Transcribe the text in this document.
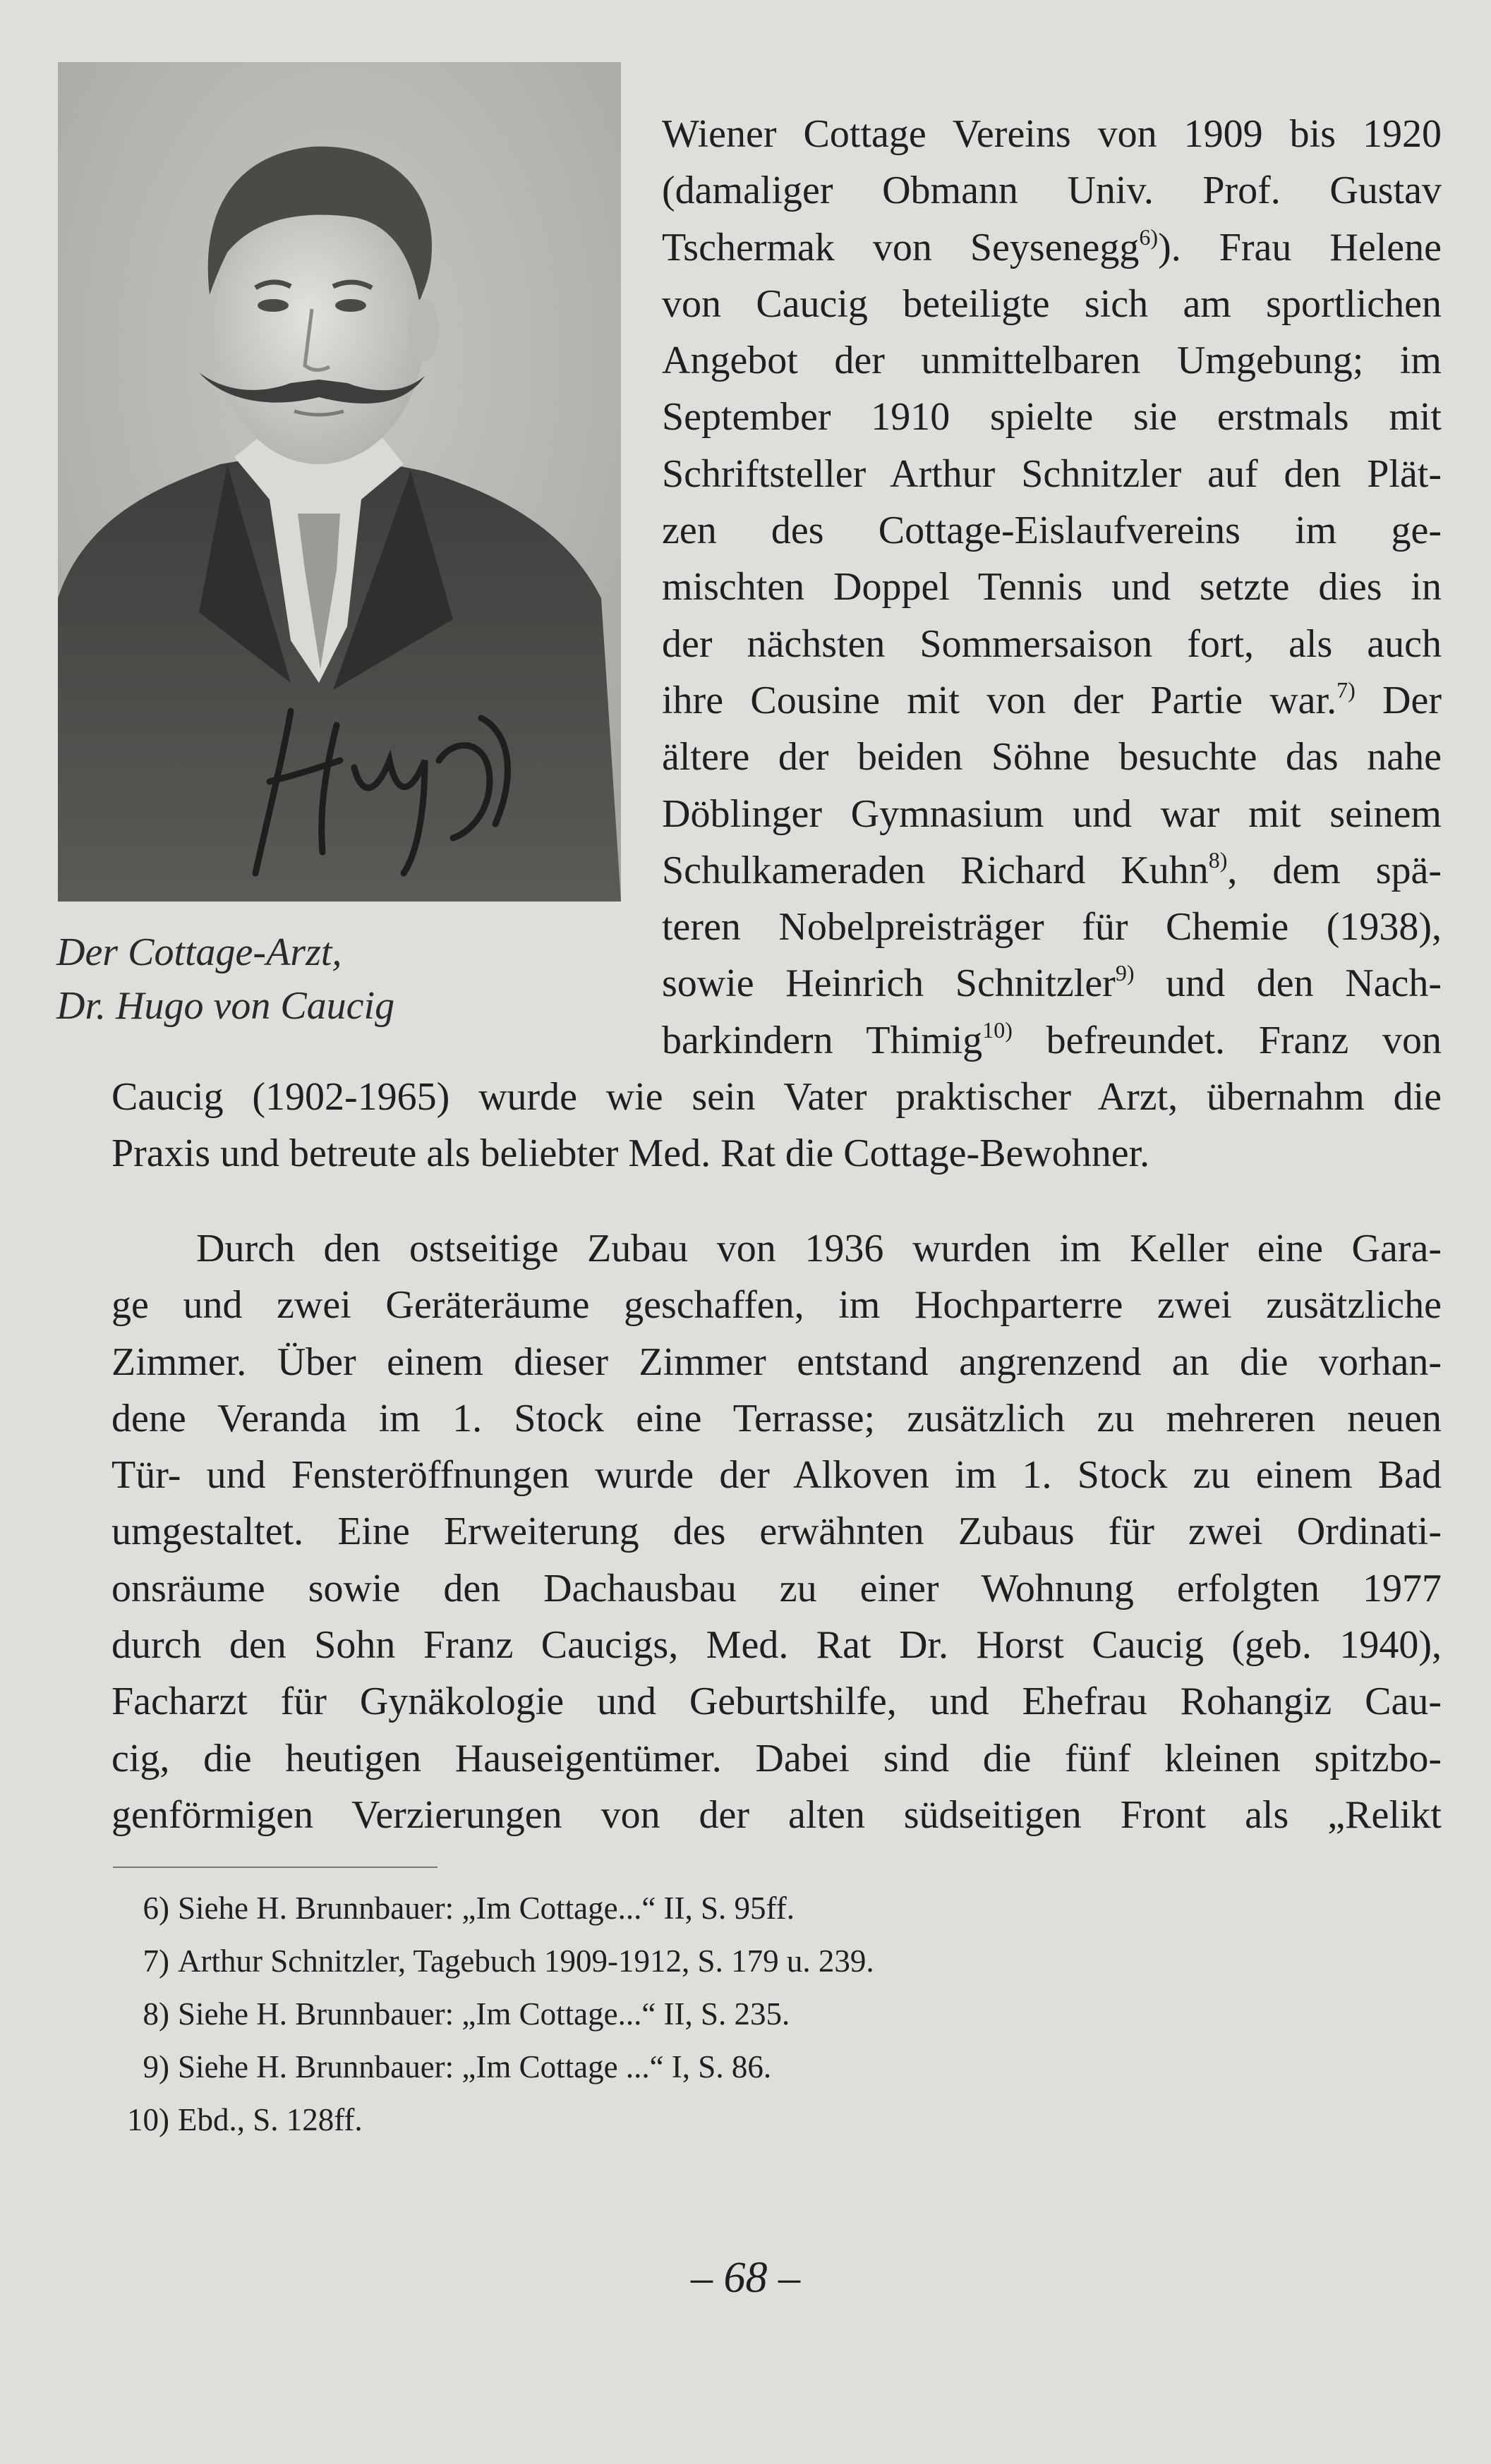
Der Cottage-Arzt,
Dr. Hugo von Caucig
Wiener Cottage Vereins von 1909 bis 1920
(damaliger Obmann Univ. Prof. Gustav
Tschermak von Seysenegg$^{6)}$). Frau Helene
von Caucig beteiligte sich am sportlichen
Angebot der unmittelbaren Umgebung; im
September 1910 spielte sie erstmals mit
Schriftsteller Arthur Schnitzler auf den Plät-
zen des Cottage-Eislaufvereins im ge-
mischten Doppel Tennis und setzte dies in
der nächsten Sommersaison fort, als auch
ihre Cousine mit von der Partie war.$^{7)}$ Der
ältere der beiden Söhne besuchte das nahe
Döblinger Gymnasium und war mit seinem
Schulkameraden Richard Kuhn$^{8)}$, dem spä-
teren Nobelpreisträger für Chemie (1938),
sowie Heinrich Schnitzler$^{9)}$ und den Nach-
barkindern Thimig$^{10)}$ befreundet. Franz von
Caucig (1902-1965) wurde wie sein Vater praktischer Arzt, übernahm die
Praxis und betreute als beliebter Med. Rat die Cottage-Bewohner.
Durch den ostseitige Zubau von 1936 wurden im Keller eine Gara-
ge und zwei Geräteräume geschaffen, im Hochparterre zwei zusätzliche
Zimmer. Über einem dieser Zimmer entstand angrenzend an die vorhan-
dene Veranda im 1. Stock eine Terrasse; zusätzlich zu mehreren neuen
Tür- und Fensteröffnungen wurde der Alkoven im 1. Stock zu einem Bad
umgestaltet. Eine Erweiterung des erwähnten Zubaus für zwei Ordinati-
onsräume sowie den Dachausbau zu einer Wohnung erfolgten 1977
durch den Sohn Franz Caucigs, Med. Rat Dr. Horst Caucig (geb. 1940),
Facharzt für Gynäkologie und Geburtshilfe, und Ehefrau Rohangiz Cau-
cig, die heutigen Hauseigentümer. Dabei sind die fünf kleinen spitzbo-
genförmigen Verzierungen von der alten südseitigen Front als „Relikt
6) Siehe H. Brunnbauer: „Im Cottage...“ II, S. 95ff.
7) Arthur Schnitzler, Tagebuch 1909-1912, S. 179 u. 239.
8) Siehe H. Brunnbauer: „Im Cottage...“ II, S. 235.
9) Siehe H. Brunnbauer: „Im Cottage ...“ I, S. 86.
10) Ebd., S. 128ff.
– 68 –
